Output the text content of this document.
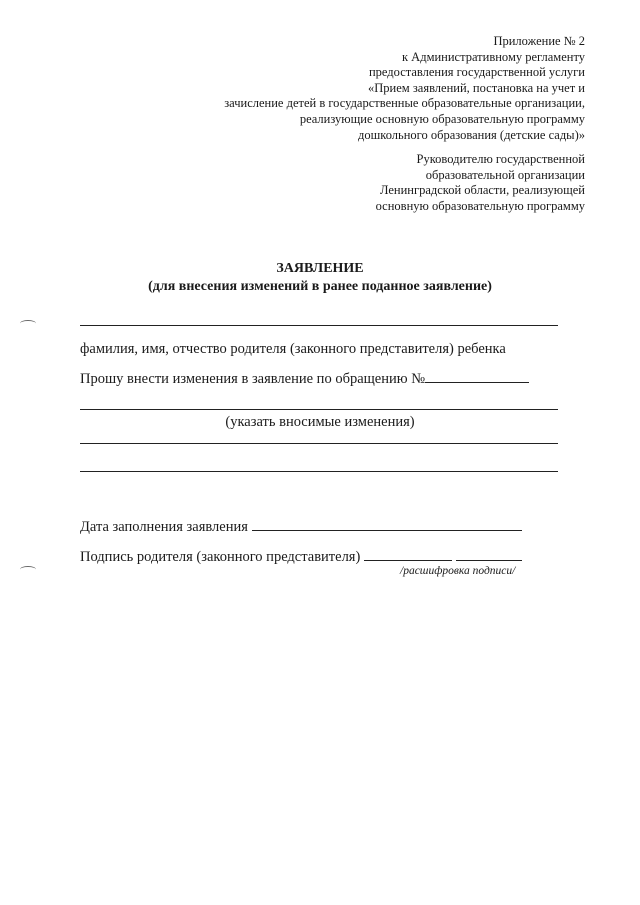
Приложение № 2
к Административному регламенту
предоставления государственной услуги
«Прием заявлений, постановка на учет и
зачисление детей в государственные образовательные организации,
реализующие основную образовательную программу
дошкольного образования (детские сады)»
Руководителю государственной
образовательной организации
Ленинградской области, реализующей
основную образовательную программу
ЗАЯВЛЕНИЕ
(для внесения изменений в ранее поданное заявление)
фамилия, имя, отчество родителя (законного представителя) ребенка
Прошу внести изменения в заявление по обращению №
(указать вносимые изменения)
Дата заполнения заявления
Подпись родителя (законного представителя)
/расшифровка подписи/
